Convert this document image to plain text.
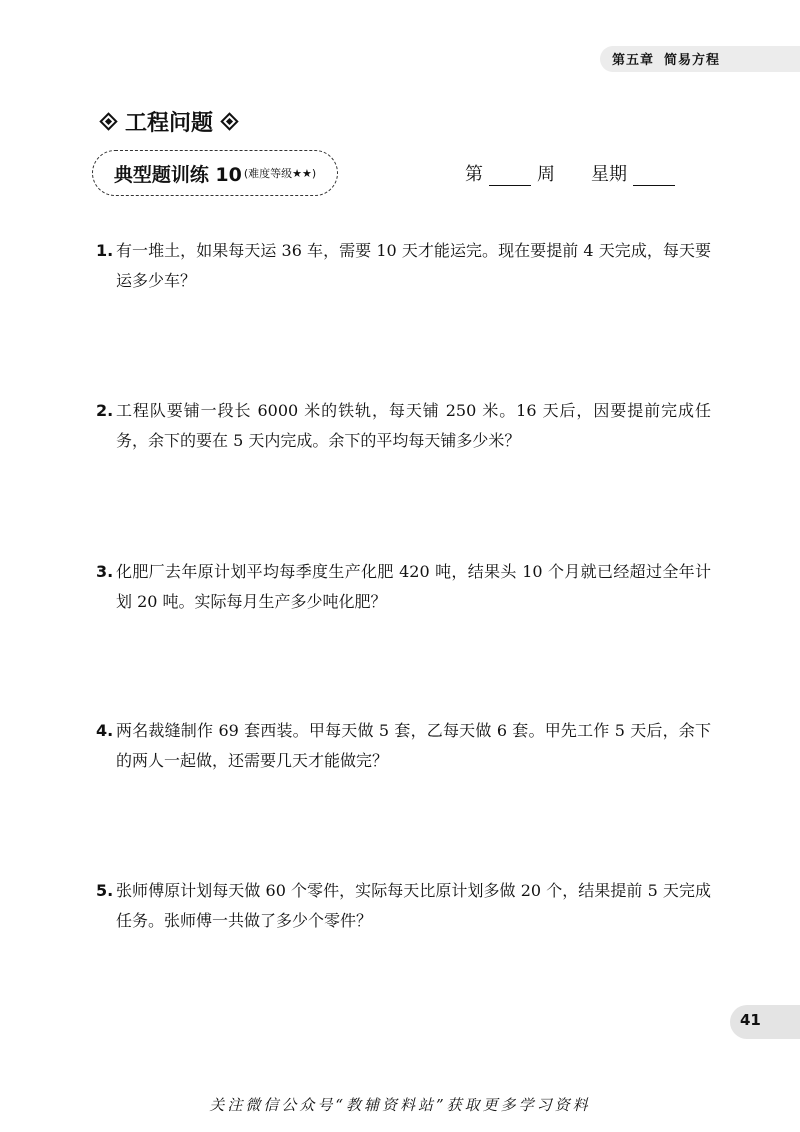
第五章 简易方程
工程问题
典型题训练 10 (难度等级★★)	第	周 星期
1. 有一堆土，如果每天运 36 车，需要 10 天才能运完。现在要提前 4 天完成，每天要运多少车？
2. 工程队要铺一段长 6000 米的铁轨，每天铺 250 米。16 天后，因要提前完成任务，余下的要在 5 天内完成。余下的平均每天铺多少米？
3. 化肥厂去年原计划平均每季度生产化肥 420 吨，结果头 10 个月就已经超过全年计划 20 吨。实际每月生产多少吨化肥？
4. 两名裁缝制作 69 套西装。甲每天做 5 套，乙每天做 6 套。甲先工作 5 天后，余下的两人一起做，还需要几天才能做完？
5. 张师傅原计划每天做 60 个零件，实际每天比原计划多做 20 个，结果提前 5 天完成任务。张师傅一共做了多少个零件？
41
关注微信公众号“教辅资料站”获取更多学习资料
